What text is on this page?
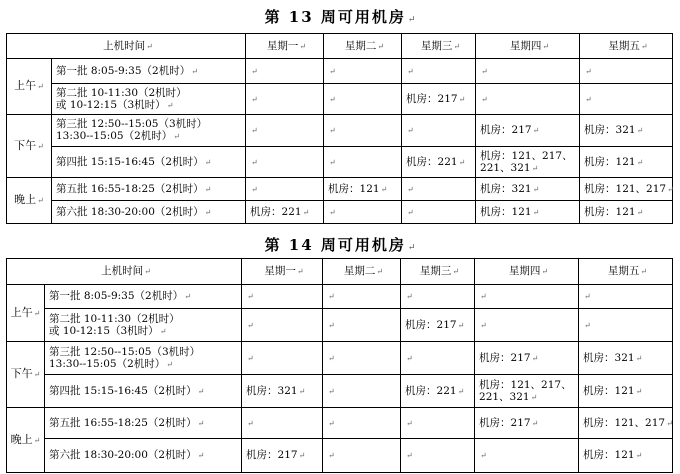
第 13 周可用机房 ↵
上机时间↵		星期一↵	星期二↵	星期三↵	星期四↵	星期五↵
上午↵	第一批 8:05-9:35（2机时）↵	↵	↵	↵	↵	↵
	第二批 10-11:30（2机时）
或 10-12:15（3机时）↵	↵	↵	机房：217↵	↵	↵
下午↵	第三批 12:50--15:05（3机时）
13:30--15:05（2机时）↵	↵	↵	↵	机房：217↵	机房：321↵
	第四批 15:15-16:45（2机时）↵	↵	↵	机房：221↵	机房：121、217、221、321↵	机房：121↵
晚上↵	第五批 16:55-18:25（2机时）↵	↵	机房：121↵	↵	机房：321↵	机房：121、217↵
	第六批 18:30-20:00（2机时）↵	机房：221↵	↵	↵	机房：121↵	机房：121↵
第 14 周可用机房 ↵
上机时间↵		星期一↵	星期二↵	星期三↵	星期四↵	星期五↵
上午↵	第一批 8:05-9:35（2机时）↵	↵	↵	↵	↵	↵
	第二批 10-11:30（2机时）
或 10-12:15（3机时）↵	↵	↵	机房：217↵	↵	↵
下午↵	第三批 12:50--15:05（3机时）
13:30--15:05（2机时）↵	↵	↵	↵	机房：217↵	机房：321↵
	第四批 15:15-16:45（2机时）↵	机房：321↵	↵	机房：221↵	机房：121、217、221、321↵	机房：121↵
晚上↵	第五批 16:55-18:25（2机时）↵	↵	↵	↵	机房：217↵	机房：121、217↵
	第六批 18:30-20:00（2机时）↵	机房：217↵	↵	↵	↵	机房：121↵
